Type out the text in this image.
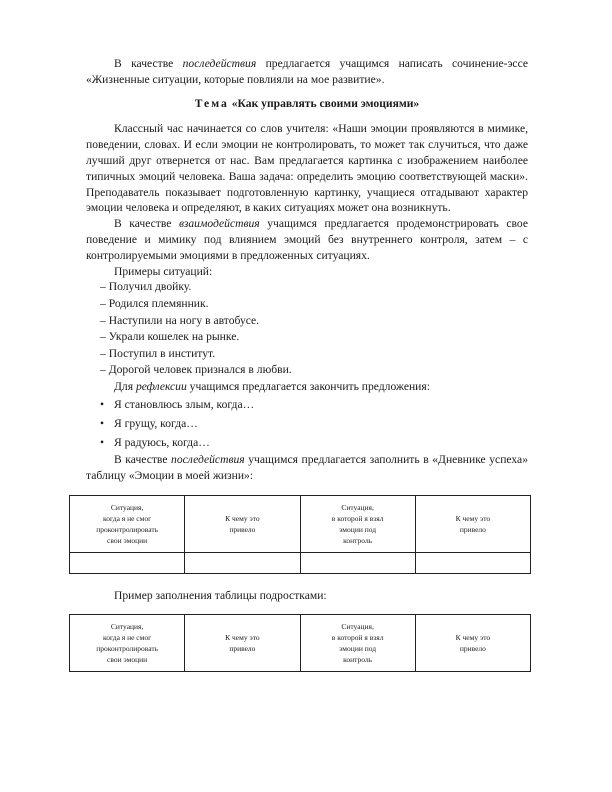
В качестве последействия предлагается учащимся написать сочинение-эссе «Жизненные ситуации, которые повлияли на мое развитие».

Тема «Как управлять своими эмоциями»

Классный час начинается со слов учителя: «Наши эмоции проявляются в мимике, поведении, словах. И если эмоции не контролировать, то может так случиться, что даже лучший друг отвернется от нас. Вам предлагается картинка с изображением наиболее типичных эмоций человека. Ваша задача: определить эмоцию соответствующей маски». Преподаватель показывает подготовленную картинку, учащиеся отгадывают характер эмоции человека и определяют, в каких ситуациях может она возникнуть.

В качестве взаимодействия учащимся предлагается продемонстрировать свое поведение и мимику под влиянием эмоций без внутреннего контроля, затем – с контролируемыми эмоциями в предложенных ситуациях.

Примеры ситуаций:

– Получил двойку.
– Родился племянник.
– Наступили на ногу в автобусе.
– Украли кошелек на рынке.
– Поступил в институт.
– Дорогой человек признался в любви.

Для рефлексии учащимся предлагается закончить предложения:

• Я становлюсь злым, когда…
• Я грущу, когда…
• Я радуюсь, когда…

В качестве последействия учащимся предлагается заполнить в «Дневнике успеха» таблицу «Эмоции в моей жизни»:

Ситуация,
когда я не смог
проконтролировать
свои эмоции	К чему это
привело	Ситуация,
в которой я взял
эмоции под
контроль	К чему это
привело

Пример заполнения таблицы подростками:

Ситуация,
когда я не смог
проконтролировать
свои эмоции	К чему это
привело	Ситуация,
в которой я взял
эмоции под
контроль	К чему это
привело
